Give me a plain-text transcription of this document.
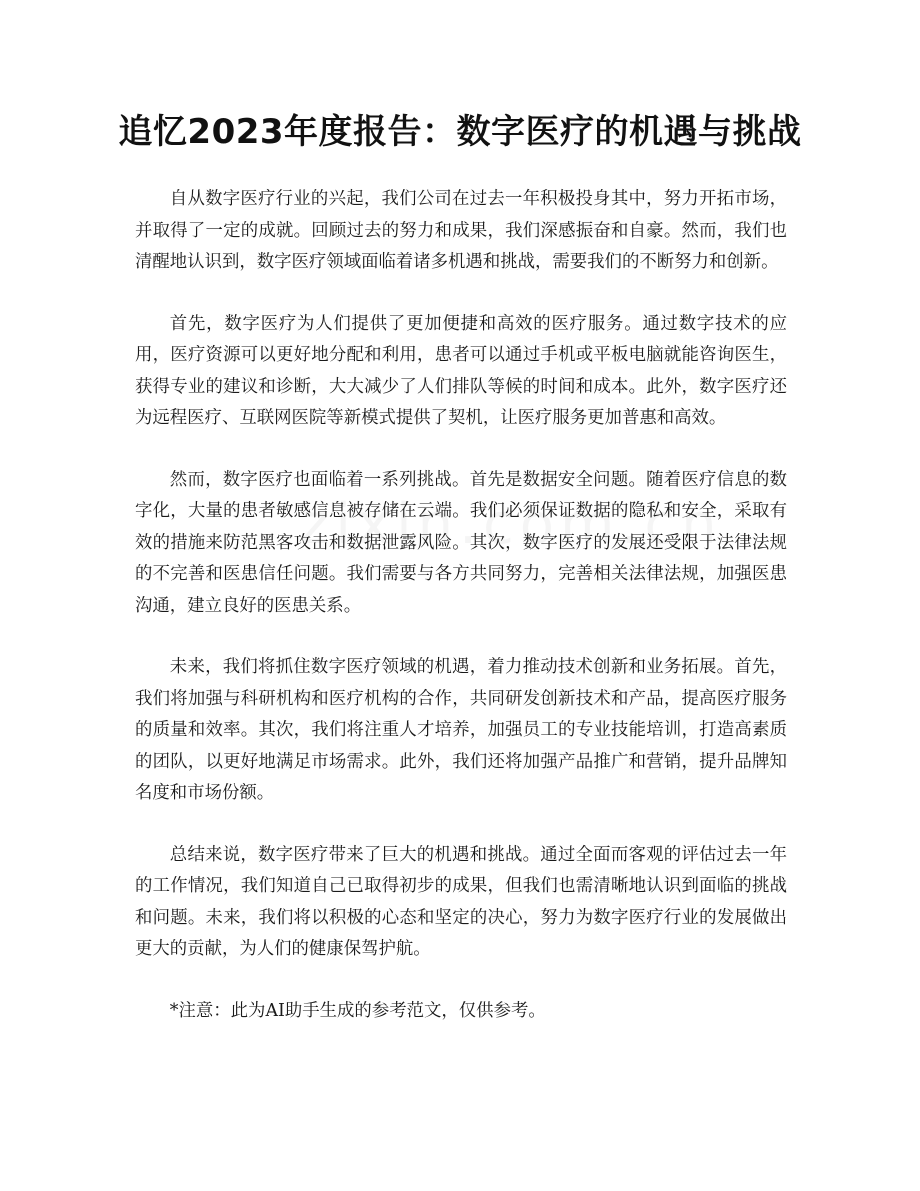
追忆2023年度报告：数字医疗的机遇与挑战

自从数字医疗行业的兴起，我们公司在过去一年积极投身其中，努力开拓市场，并取得了一定的成就。回顾过去的努力和成果，我们深感振奋和自豪。然而，我们也清醒地认识到，数字医疗领域面临着诸多机遇和挑战，需要我们的不断努力和创新。

首先，数字医疗为人们提供了更加便捷和高效的医疗服务。通过数字技术的应用，医疗资源可以更好地分配和利用，患者可以通过手机或平板电脑就能咨询医生，获得专业的建议和诊断，大大减少了人们排队等候的时间和成本。此外，数字医疗还为远程医疗、互联网医院等新模式提供了契机，让医疗服务更加普惠和高效。

然而，数字医疗也面临着一系列挑战。首先是数据安全问题。随着医疗信息的数字化，大量的患者敏感信息被存储在云端。我们必须保证数据的隐私和安全，采取有效的措施来防范黑客攻击和数据泄露风险。其次，数字医疗的发展还受限于法律法规的不完善和医患信任问题。我们需要与各方共同努力，完善相关法律法规，加强医患沟通，建立良好的医患关系。

未来，我们将抓住数字医疗领域的机遇，着力推动技术创新和业务拓展。首先，我们将加强与科研机构和医疗机构的合作，共同研发创新技术和产品，提高医疗服务的质量和效率。其次，我们将注重人才培养，加强员工的专业技能培训，打造高素质的团队，以更好地满足市场需求。此外，我们还将加强产品推广和营销，提升品牌知名度和市场份额。

总结来说，数字医疗带来了巨大的机遇和挑战。通过全面而客观的评估过去一年的工作情况，我们知道自己已取得初步的成果，但我们也需清晰地认识到面临的挑战和问题。未来，我们将以积极的心态和坚定的决心，努力为数字医疗行业的发展做出更大的贡献，为人们的健康保驾护航。

*注意：此为AI助手生成的参考范文，仅供参考。
